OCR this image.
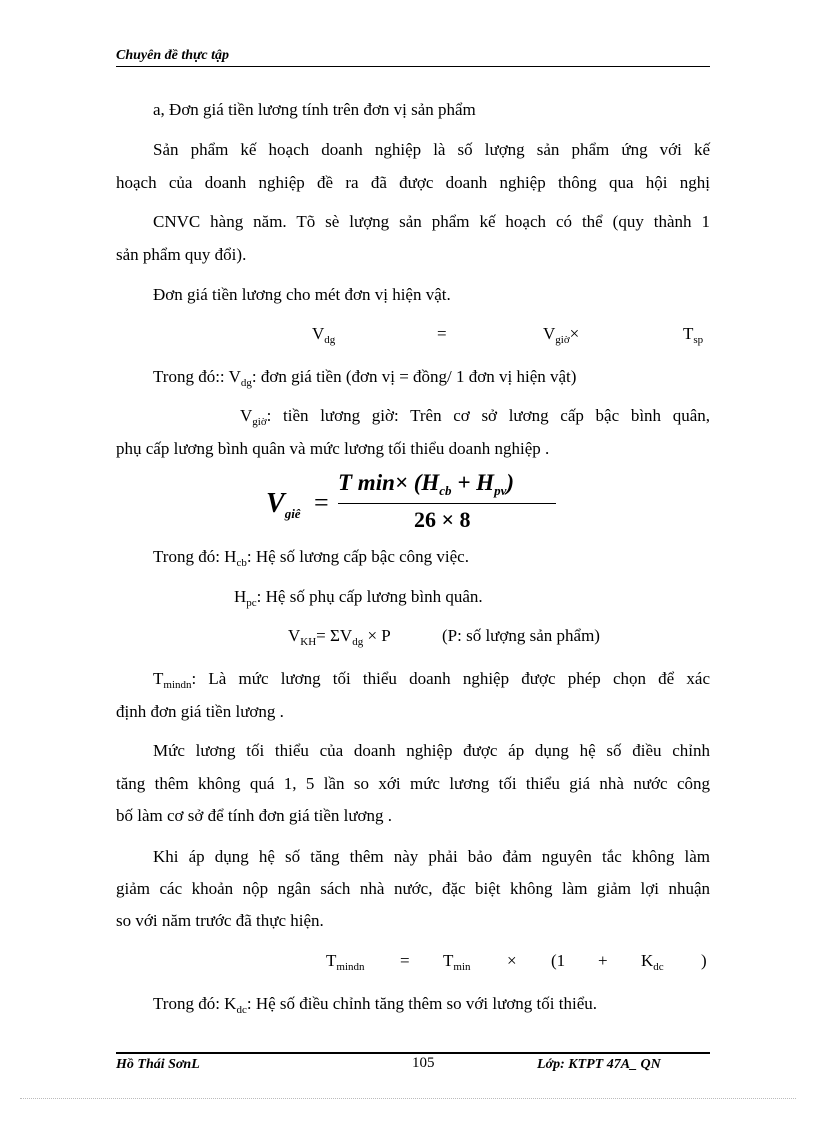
Chuyên đề thực tập
a, Đơn giá tiền lương tính trên đơn vị sản phẩm
Sản phẩm kế hoạch doanh nghiệp là số lượng sản phẩm ứng với kế
hoạch của doanh nghiệp đề ra đã được doanh nghiệp thông qua hội nghị
CNVC hàng năm. Tõ sè lượng sản phẩm kế hoạch có thể (quy thành 1
sản phẩm quy đổi).
Đơn giá tiền lương cho mét đơn vị hiện vật.
$V_{dg}$	=	$V_{giờ}\times$	$T_{sp}$
Trong đó:: $V_{dg}$: đơn giá tiền (đơn vị = đồng/ 1 đơn vị hiện vật)
$V_{giờ}$: tiền lương giờ: Trên cơ sở lương cấp bậc bình quân,
phụ cấp lương bình quân và mức lương tối thiểu doanh nghiệp .
$V_{giê}$ =
T $\min\times (H_{cb} + H_{pv})$
26 × 8
Trong đó: $H_{cb}$: Hệ số lương cấp bậc công việc.
$H_{pc}$: Hệ số phụ cấp lương bình quân.
$V_{KH}= \Sigma V_{dg} \times P$	(P: số lượng sản phẩm)
$T_{mindn}$: Là mức lương tối thiểu doanh nghiệp được phép chọn để xác
định đơn giá tiền lương .
Mức lương tối thiểu của doanh nghiệp được áp dụng hệ số điều chỉnh
tăng thêm không quá 1, 5 lần so xới mức lương tối thiểu giá nhà nước công
bố làm cơ sở để tính đơn giá tiền lương .
Khi áp dụng hệ số tăng thêm này phải bảo đảm nguyên tắc không làm
giảm các khoản nộp ngân sách nhà nước, đặc biệt không làm giảm lợi nhuận
so với năm trước đã thực hiện.
$T_{mindn} = T_{min} \times (1 + K_{dc}$ )
Trong đó: $K_{dc}$: Hệ số điều chỉnh tăng thêm so với lương tối thiểu.
Hồ Thái SơnL	105	Lớp: KTPT 47A_ QN
